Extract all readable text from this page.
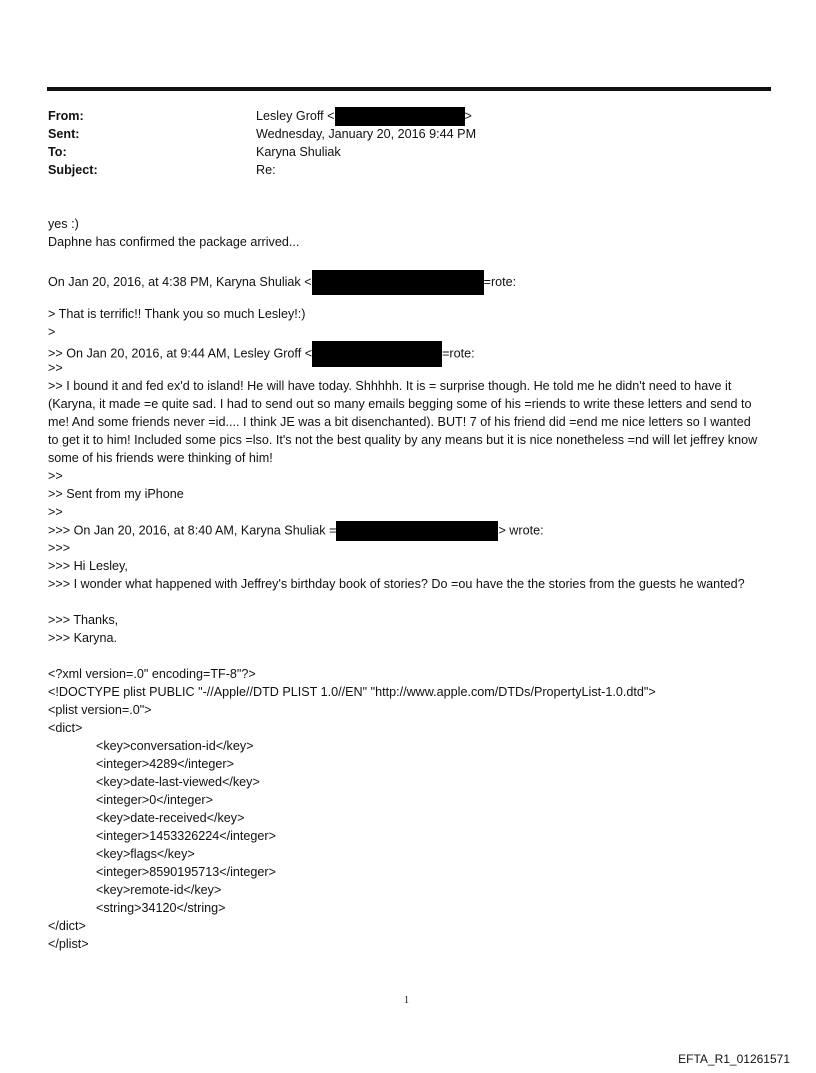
From:	Lesley Groff <	>
Sent:	Wednesday, January 20, 2016 9:44 PM
To:	Karyna Shuliak
Subject:	Re:
yes :)
Daphne has confirmed the package arrived...
On Jan 20, 2016, at 4:38 PM, Karyna Shuliak <	=rote:
> That is terrific!! Thank you so much Lesley!:)
>
>> On Jan 20, 2016, at 9:44 AM, Lesley Groff <	=rote:
>>
>> I bound it and fed ex'd to island! He will have today. Shhhhh. It is = surprise though. He told me he didn't need to have it (Karyna, it made =e quite sad. I had to send out so many emails begging some of his =riends to write these letters and send to me! And some friends never =id.... I think JE was a bit disenchanted). BUT! 7 of his friend did =end me nice letters so I wanted to get it to him! Included some pics =lso. It's not the best quality by any means but it is nice nonetheless =nd will let jeffrey know some of his friends were thinking of him!
>>
>> Sent from my iPhone
>>
>>> On Jan 20, 2016, at 8:40 AM, Karyna Shuliak =	> wrote:
>>>
>>> Hi Lesley,
>>> I wonder what happened with Jeffrey's birthday book of stories? Do =ou have the the stories from the guests he wanted?
>>> Thanks,
>>> Karyna.
<?xml version=.0" encoding=TF-8"?>
<!DOCTYPE plist PUBLIC "-//Apple//DTD PLIST 1.0//EN" "http://www.apple.com/DTDs/PropertyList-1.0.dtd">
<plist version=.0">
<dict>
<key>conversation-id</key>
<integer>4289</integer>
<key>date-last-viewed</key>
<integer>0</integer>
<key>date-received</key>
<integer>1453326224</integer>
<key>flags</key>
<integer>8590195713</integer>
<key>remote-id</key>
<string>34120</string>
</dict>
</plist>
1
EFTA_R1_01261571
